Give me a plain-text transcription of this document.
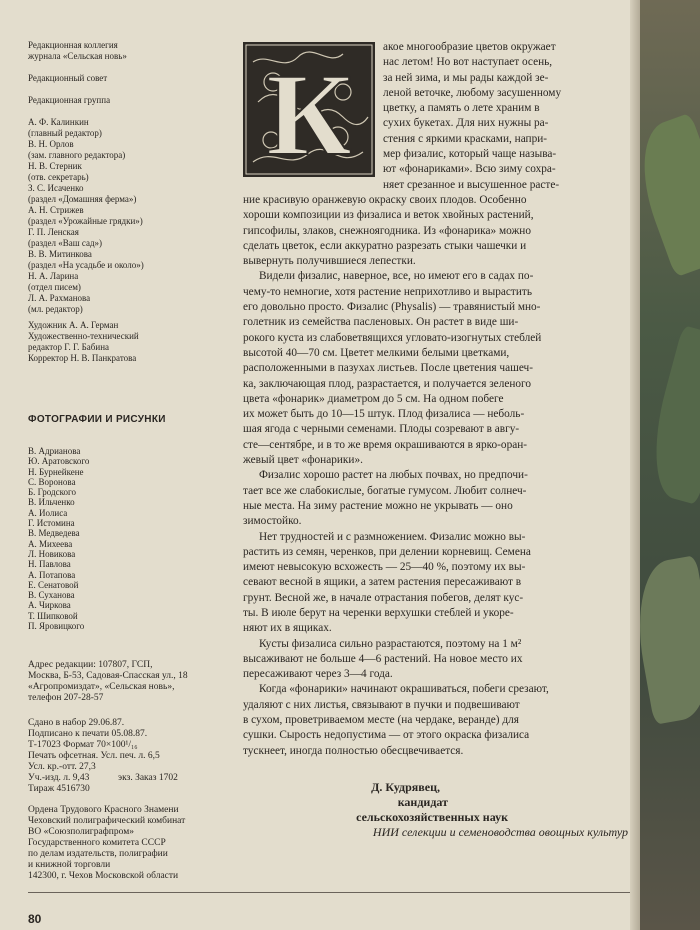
Редакционная коллегия
журнала «Сельская новь»

Редакционный совет

Редакционная группа

А. Ф. Калинкин
(главный редактор)
В. Н. Орлов
(зам. главного редактора)
Н. В. Стерник
(отв. секретарь)
З. С. Исаченко
(раздел «Домашняя ферма»)
А. Н. Стрижев
(раздел «Урожайные грядки»)
Г. П. Ленская
(раздел «Ваш сад»)
В. В. Митинкова
(раздел «На усадьбе и около»)
Н. А. Ларина
(отдел писем)
Л. А. Рахманова
(мл. редактор)
Художник А. А. Герман
Художественно-технический
редактор Г. Г. Бабина
Корректор Н. В. Панкратова
ФОТОГРАФИИ И РИСУНКИ
В. Адрианова
Ю. Аратовского
Н. Бурнейкене
С. Вороновa
Б. Гродского
В. Ильченко
А. Иолиса
Г. Истомина
В. Медведева
А. Михеева
Л. Новикова
Н. Павлова
А. Потапова
Е. Сенатовой
В. Суханова
А. Чиркова
Т. Шипковой
П. Яровицкого
Адрес редакции: 107807, ГСП,
Москва, Б-53, Садовая-Спасская ул., 18
«Агропромиздат», «Сельская новь»,
телефон 207-28-57
Сдано в набор 29.06.87.
Подписано к печати 05.08.87.
Т-17023 Формат 70×100¹/₁₆
Печать офсетная. Усл. печ. л. 6,5
Усл. кр.-отт. 27,3
Уч.-изд. л. 9,43
Тираж 4516730
экз. Заказ 1702
Ордена Трудового Красного Знамени
Чеховский полиграфический комбинат
ВО «Союзполиграфпром»
Государственного комитета СССР
по делам издательств, полиграфии
и книжной торговли
142300, г. Чехов Московской области
К
акое многообразие цветов окружает
нас летом! Но вот наступает осень,
за ней зима, и мы рады каждой зе-
леной веточке, любому засушенному
цветку, а память о лете храним в
сухих букетах. Для них нужны ра-
стения с яркими красками, напри-
мер физалис, который чаще называ-
ют «фонариками». Всю зиму сохра-
няет срезанное и высушенное расте-
ние красивую оранжевую окраску своих плодов. Особенно
хороши композиции из физалиса и веток хвойных растений,
гипсофилы, злаков, снежноягодника. Из «фонарика» можно
сделать цветок, если аккуратно разрезать стыки чашечки и
вывернуть получившиеся лепестки.
Видели физалис, наверное, все, но имеют его в садах по-
чему-то немногие, хотя растение неприхотливо и вырастить
его довольно просто. Физалис (Physalis) — травянистый мно-
голетник из семейства пасленовых. Он растет в виде ши-
рокого куста из слабоветвящихся угловато-изогнутых стеблей
высотой 40—70 см. Цветет мелкими белыми цветками,
расположенными в пазухах листьев. После цветения чашеч-
ка, заключающая плод, разрастается, и получается зеленого
цвета «фонарик» диаметром до 5 см. На одном побеге
их может быть до 10—15 штук. Плод физалиса — неболь-
шая ягода с черными семенами. Плоды созревают в авгу-
сте—сентябре, и в то же время окрашиваются в ярко-оран-
жевый цвет «фонарики».
Физалис хорошо растет на любых почвах, но предпочи-
тает все же слабокислые, богатые гумусом. Любит солнеч-
ные места. На зиму растение можно не укрывать — оно
зимостойко.
Нет трудностей и с размножением. Физалис можно вы-
растить из семян, черенков, при делении корневищ. Семена
имеют невысокую всхожесть — 25—40 %, поэтому их вы-
севают весной в ящики, а затем растения пересаживают в
грунт. Весной же, в начале отрастания побегов, делят кус-
ты. В июле берут на черенки верхушки стеблей и укоре-
няют их в ящиках.
Кусты физалиса сильно разрастаются, поэтому на 1 м²
высаживают не больше 4—6 растений. На новое место их
пересаживают через 3—4 года.
Когда «фонарики» начинают окрашиваться, побеги срезают,
удаляют с них листья, связывают в пучки и подвешивают
в сухом, проветриваемом месте (на чердаке, веранде) для
сушки. Сырость недопустима — от этого окраска физалиса
тускнеет, иногда полностью обесцвечивается.
Д. Кудрявец,
кандидат
сельскохозяйственных наук
НИИ селекции и семеноводства овощных культур
80
